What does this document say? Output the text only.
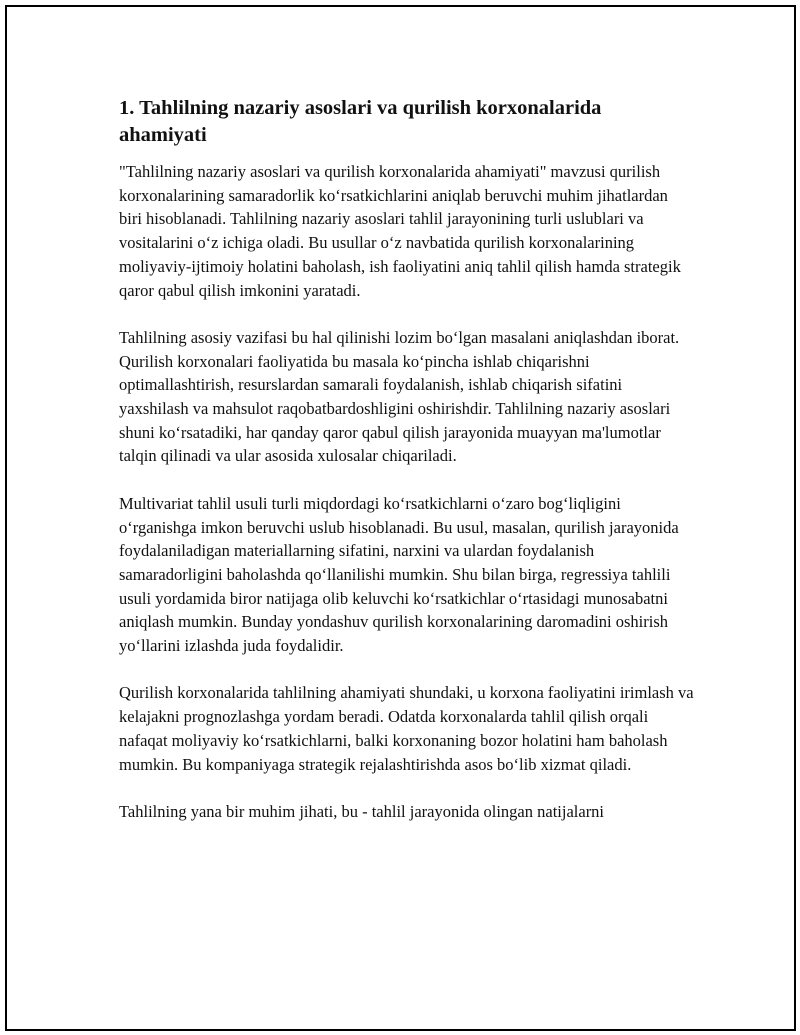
1. Tahlilning nazariy asoslari va qurilish korxonalarida ahamiyati

"Tahlilning nazariy asoslari va qurilish korxonalarida ahamiyati" mavzusi qurilish korxonalarining samaradorlik ko‘rsatkichlarini aniqlab beruvchi muhim jihatlardan biri hisoblanadi. Tahlilning nazariy asoslari tahlil jarayonining turli uslublari va vositalarini o‘z ichiga oladi. Bu usullar o‘z navbatida qurilish korxonalarining moliyaviy-ijtimoiy holatini baholash, ish faoliyatini aniq tahlil qilish hamda strategik qaror qabul qilish imkonini yaratadi.

Tahlilning asosiy vazifasi bu hal qilinishi lozim bo‘lgan masalani aniqlashdan iborat. Qurilish korxonalari faoliyatida bu masala ko‘pincha ishlab chiqarishni optimallashtirish, resurslardan samarali foydalanish, ishlab chiqarish sifatini yaxshilash va mahsulot raqobatbardoshligini oshirishdir. Tahlilning nazariy asoslari shuni ko‘rsatadiki, har qanday qaror qabul qilish jarayonida muayyan ma'lumotlar talqin qilinadi va ular asosida xulosalar chiqariladi.

Multivariat tahlil usuli turli miqdordagi ko‘rsatkichlarni o‘zaro bog‘liqligini o‘rganishga imkon beruvchi uslub hisoblanadi. Bu usul, masalan, qurilish jarayonida foydalaniladigan materiallarning sifatini, narxini va ulardan foydalanish samaradorligini baholashda qo‘llanilishi mumkin. Shu bilan birga, regressiya tahlili usuli yordamida biror natijaga olib keluvchi ko‘rsatkichlar o‘rtasidagi munosabatni aniqlash mumkin. Bunday yondashuv qurilish korxonalarining daromadini oshirish yo‘llarini izlashda juda foydalidir.

Qurilish korxonalarida tahlilning ahamiyati shundaki, u korxona faoliyatini irimlash va kelajakni prognozlashga yordam beradi. Odatda korxonalarda tahlil qilish orqali nafaqat moliyaviy ko‘rsatkichlarni, balki korxonaning bozor holatini ham baholash mumkin. Bu kompaniyaga strategik rejalashtirishda asos bo‘lib xizmat qiladi.

Tahlilning yana bir muhim jihati, bu - tahlil jarayonida olingan natijalarni
